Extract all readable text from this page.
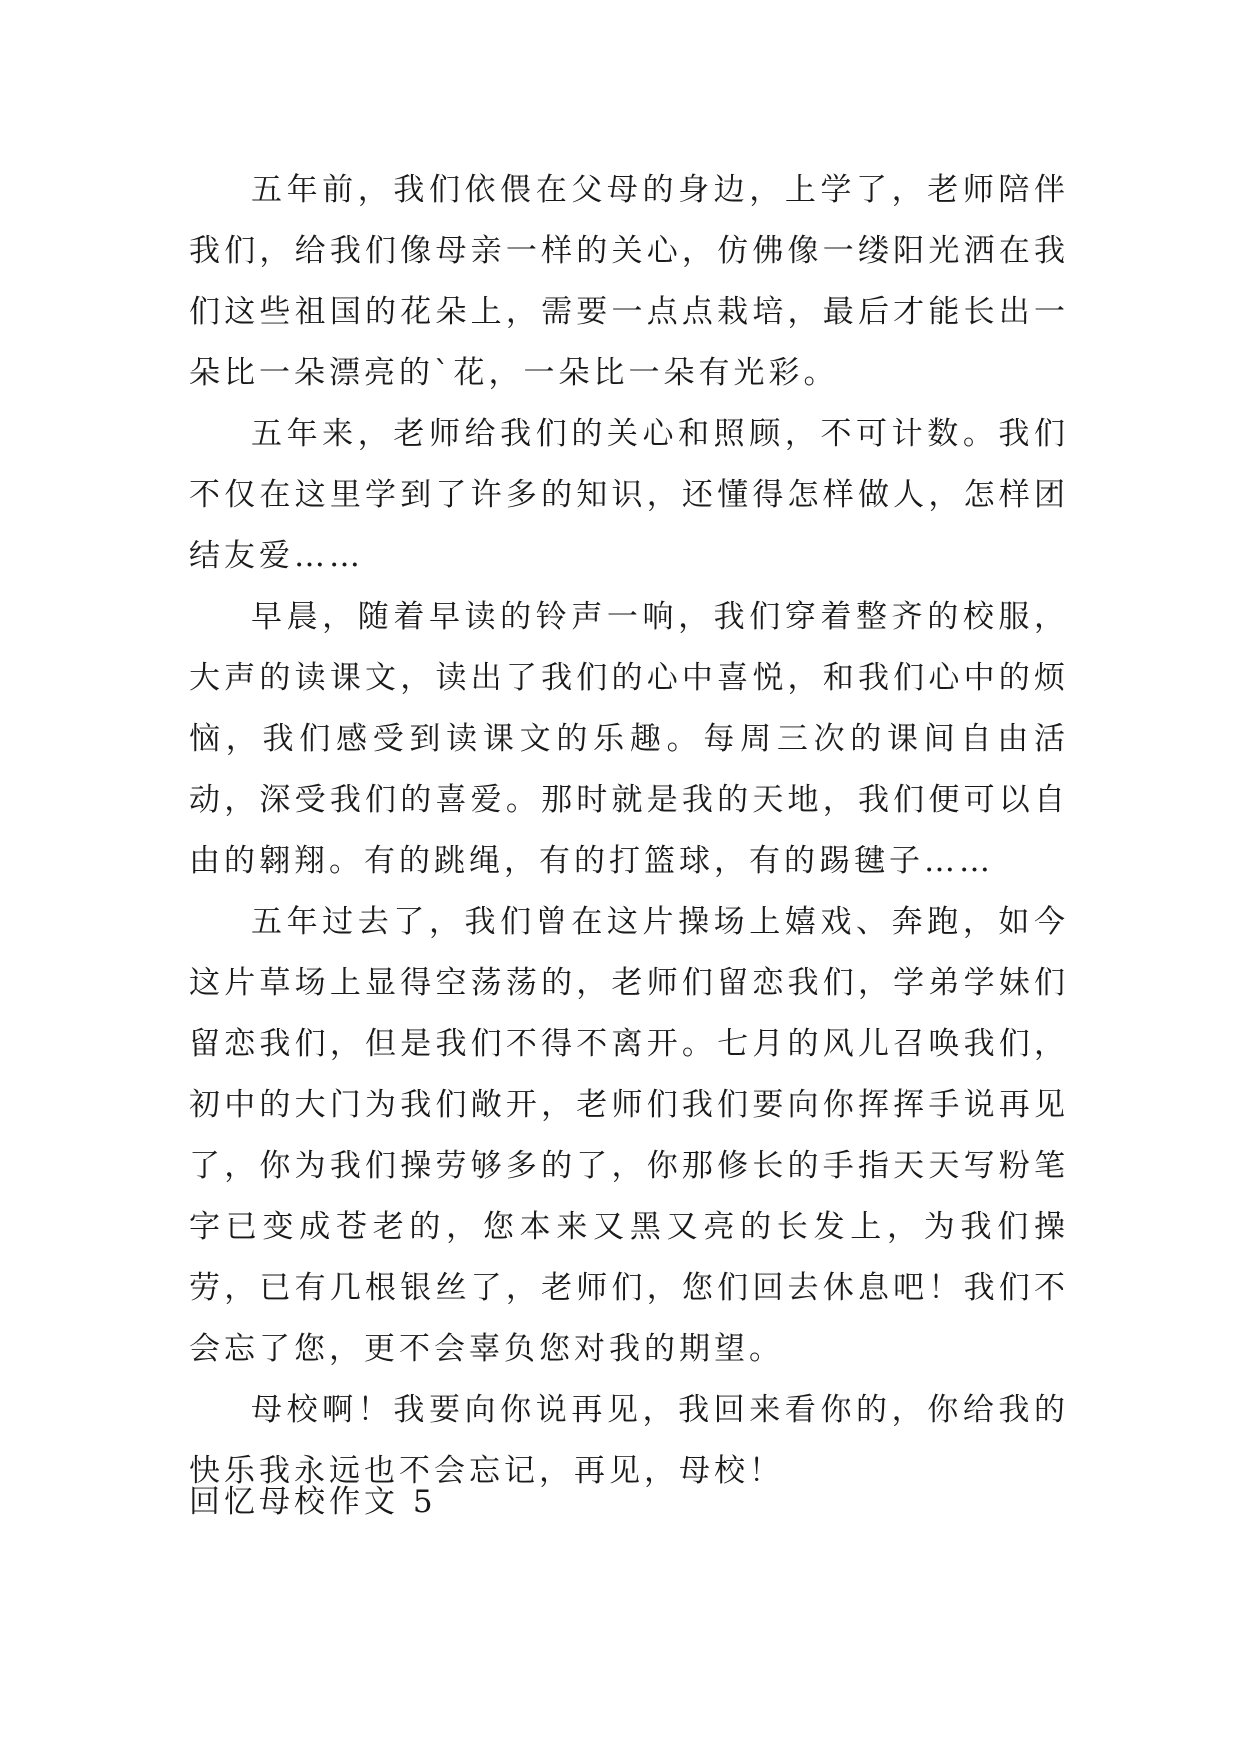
五年前，我们依偎在父母的身边，上学了，老师陪伴我们，给我们像母亲一样的关心，仿佛像一缕阳光洒在我们这些祖国的花朵上，需要一点点栽培，最后才能长出一朵比一朵漂亮的`花，一朵比一朵有光彩。

五年来，老师给我们的关心和照顾，不可计数。我们不仅在这里学到了许多的知识，还懂得怎样做人，怎样团结友爱……

早晨，随着早读的铃声一响，我们穿着整齐的校服，大声的读课文，读出了我们的心中喜悦，和我们心中的烦恼，我们感受到读课文的乐趣。每周三次的课间自由活动，深受我们的喜爱。那时就是我的天地，我们便可以自由的翱翔。有的跳绳，有的打篮球，有的踢毽子……

五年过去了，我们曾在这片操场上嬉戏、奔跑，如今这片草场上显得空荡荡的，老师们留恋我们，学弟学妹们留恋我们，但是我们不得不离开。七月的风儿召唤我们，初中的大门为我们敞开，老师们我们要向你挥挥手说再见了，你为我们操劳够多的了，你那修长的手指天天写粉笔字已变成苍老的，您本来又黑又亮的长发上，为我们操劳，已有几根银丝了，老师们，您们回去休息吧！我们不会忘了您，更不会辜负您对我的期望。

母校啊！我要向你说再见，我回来看你的，你给我的快乐我永远也不会忘记，再见，母校！

回忆母校作文 5
